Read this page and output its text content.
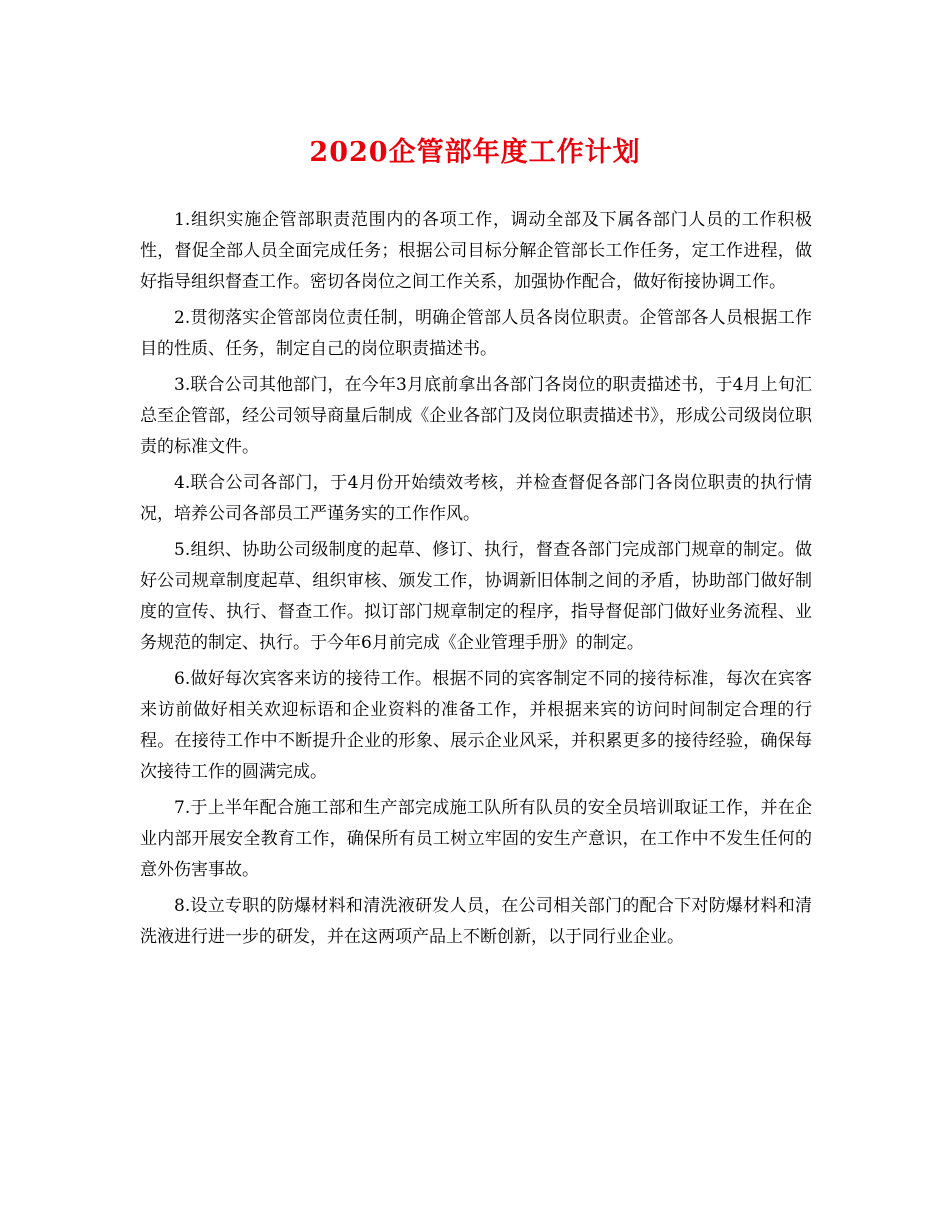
2020企管部年度工作计划

1.组织实施企管部职责范围内的各项工作，调动全部及下属各部门人员的工作积极性，督促全部人员全面完成任务；根据公司目标分解企管部长工作任务，定工作进程，做好指导组织督查工作。密切各岗位之间工作关系，加强协作配合，做好衔接协调工作。

2.贯彻落实企管部岗位责任制，明确企管部人员各岗位职责。企管部各人员根据工作目的性质、任务，制定自己的岗位职责描述书。

3.联合公司其他部门，在今年3月底前拿出各部门各岗位的职责描述书，于4月上旬汇总至企管部，经公司领导商量后制成《企业各部门及岗位职责描述书》，形成公司级岗位职责的标准文件。

4.联合公司各部门，于4月份开始绩效考核，并检查督促各部门各岗位职责的执行情况，培养公司各部员工严谨务实的工作作风。

5.组织、协助公司级制度的起草、修订、执行，督查各部门完成部门规章的制定。做好公司规章制度起草、组织审核、颁发工作，协调新旧体制之间的矛盾，协助部门做好制度的宣传、执行、督查工作。拟订部门规章制定的程序，指导督促部门做好业务流程、业务规范的制定、执行。于今年6月前完成《企业管理手册》的制定。

6.做好每次宾客来访的接待工作。根据不同的宾客制定不同的接待标准，每次在宾客来访前做好相关欢迎标语和企业资料的准备工作，并根据来宾的访问时间制定合理的行程。在接待工作中不断提升企业的形象、展示企业风采，并积累更多的接待经验，确保每次接待工作的圆满完成。

7.于上半年配合施工部和生产部完成施工队所有队员的安全员培训取证工作，并在企业内部开展安全教育工作，确保所有员工树立牢固的安生产意识，在工作中不发生任何的意外伤害事故。

8.设立专职的防爆材料和清洗液研发人员，在公司相关部门的配合下对防爆材料和清洗液进行进一步的研发，并在这两项产品上不断创新，以于同行业企业。
